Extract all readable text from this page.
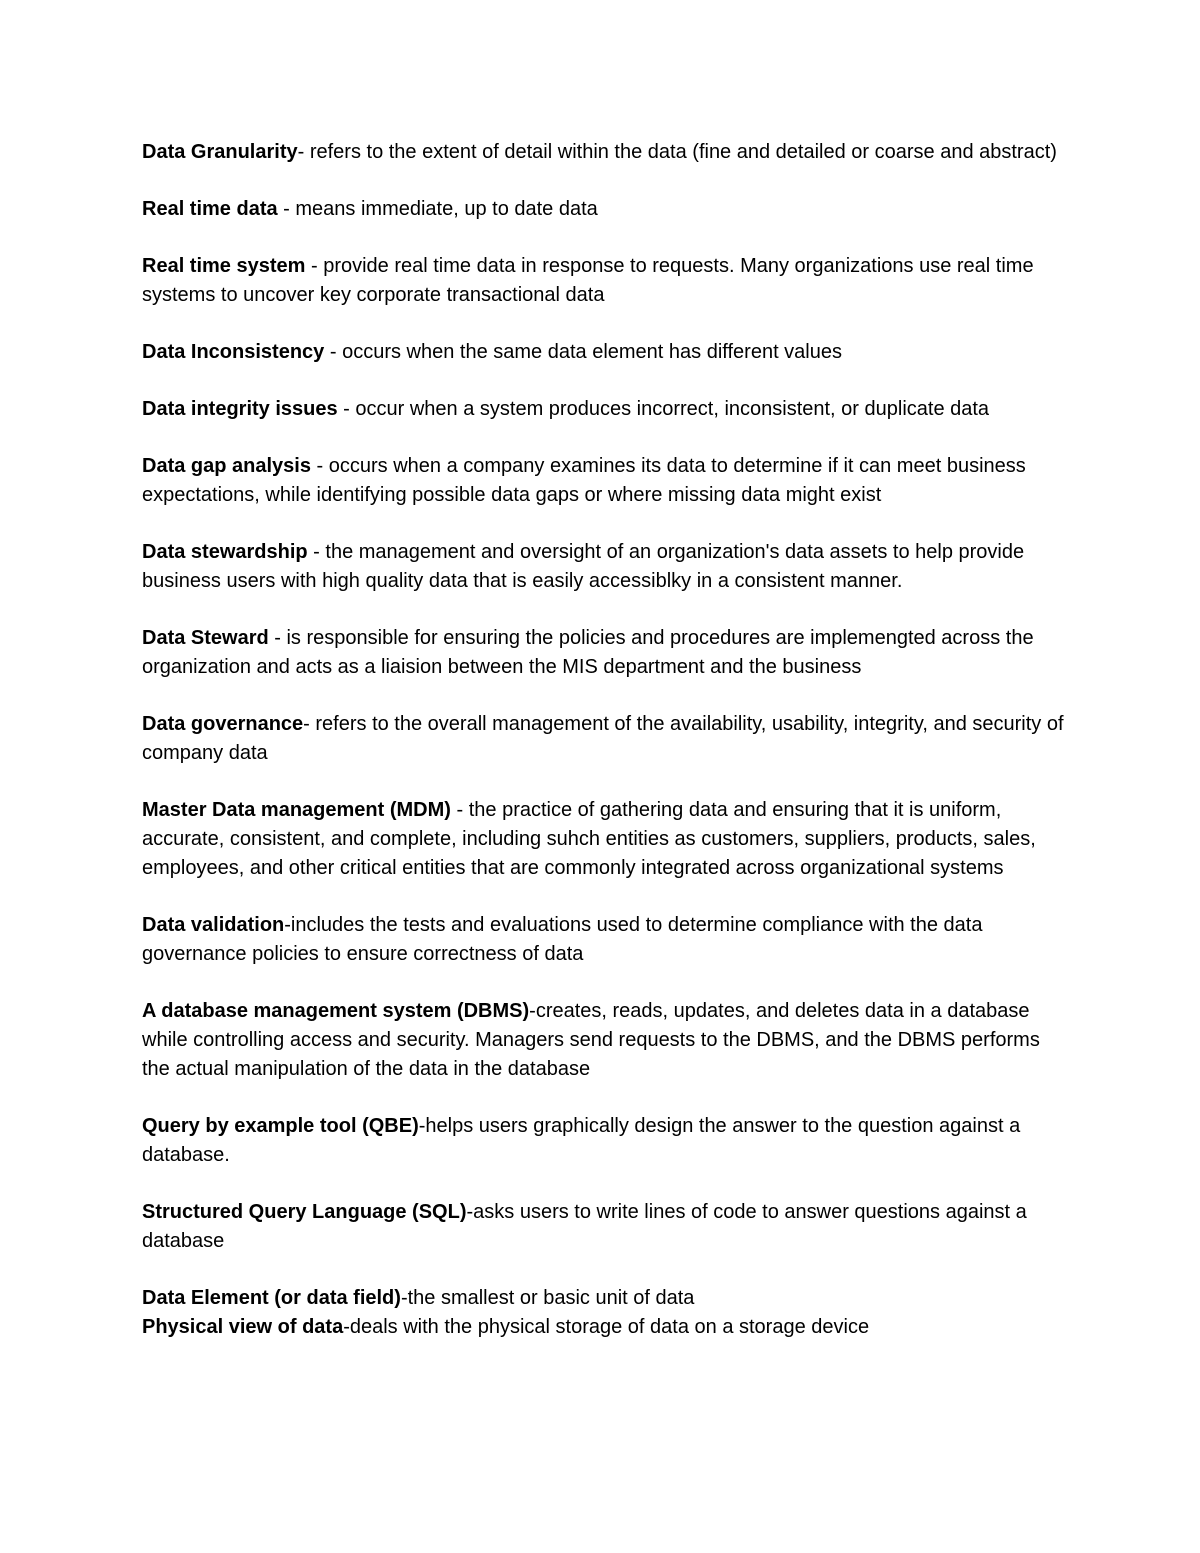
Data Granularity- refers to the extent of detail within the data (fine and detailed or coarse and abstract)

Real time data - means immediate, up to date data

Real time system - provide real time data in response to requests. Many organizations use real time systems to uncover key corporate transactional data

Data Inconsistency - occurs when the same data element has different values

Data integrity issues - occur when a system produces incorrect, inconsistent, or duplicate data

Data gap analysis - occurs when a company examines its data to determine if it can meet business expectations, while identifying possible data gaps or where missing data might exist

Data stewardship - the management and oversight of an organization's data assets to help provide business users with high quality data that is easily accessiblky in a consistent manner.

Data Steward - is responsible for ensuring the policies and procedures are implemengted across the organization and acts as a liaision between the MIS department and the business

Data governance- refers to the overall management of the availability, usability, integrity, and security of company data

Master Data management (MDM) - the practice of gathering data and ensuring that it is uniform, accurate, consistent, and complete, including suhch entities as customers, suppliers, products, sales, employees, and other critical entities that are commonly integrated across organizational systems

Data validation-includes the tests and evaluations used to determine compliance with the data governance policies to ensure correctness of data

A database management system (DBMS)-creates, reads, updates, and deletes data in a database while controlling access and security. Managers send requests to the DBMS, and the DBMS performs the actual manipulation of the data in the database

Query by example tool (QBE)-helps users graphically design the answer to the question against a database.

Structured Query Language (SQL)-asks users to write lines of code to answer questions against a database

Data Element (or data field)-the smallest or basic unit of data

Physical view of data-deals with the physical storage of data on a storage device
